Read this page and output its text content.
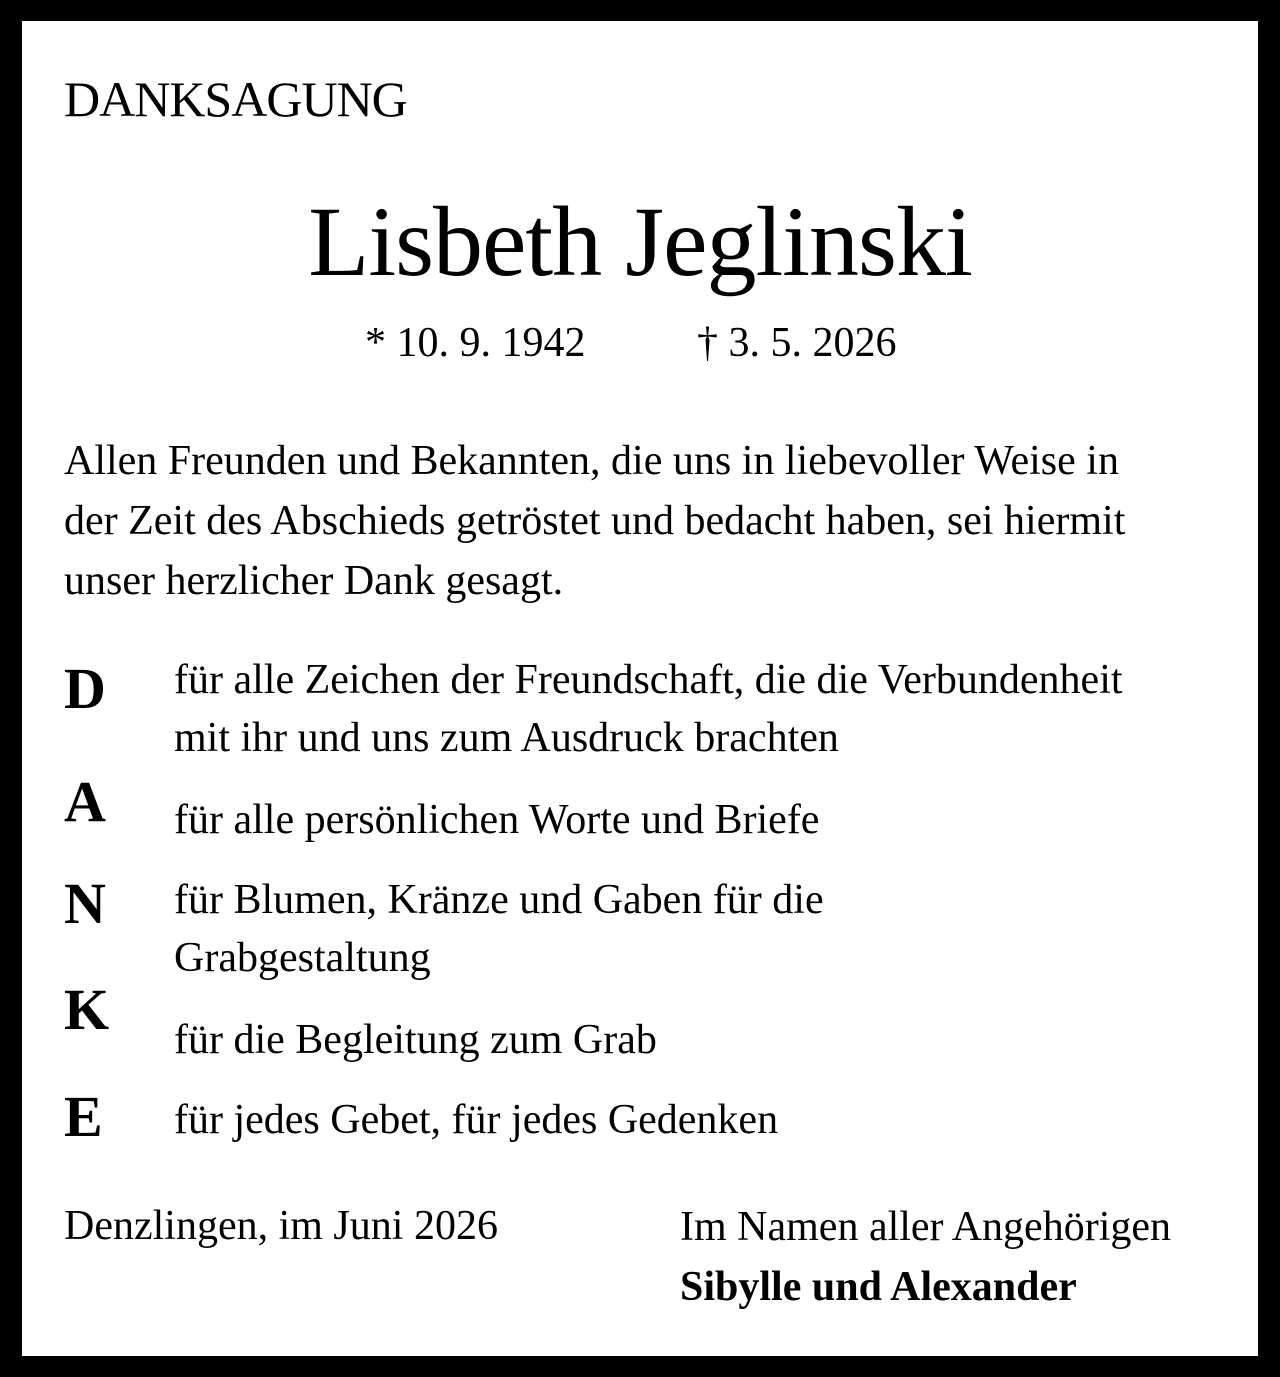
DANKSAGUNG
Lisbeth Jeglinski
* 10. 9. 1942	† 3. 5. 2026
Allen Freunden und Bekannten, die uns in liebevoller Weise in
der Zeit des Abschieds getröstet und bedacht haben, sei hiermit
unser herzlicher Dank gesagt.
D
A
N
K
E
für alle Zeichen der Freundschaft, die die Verbundenheit
mit ihr und uns zum Ausdruck brachten
für alle persönlichen Worte und Briefe
für Blumen, Kränze und Gaben für die
Grabgestaltung
für die Begleitung zum Grab
für jedes Gebet, für jedes Gedenken
Denzlingen, im Juni 2026	Im Namen aller Angehörigen
Sibylle und Alexander
